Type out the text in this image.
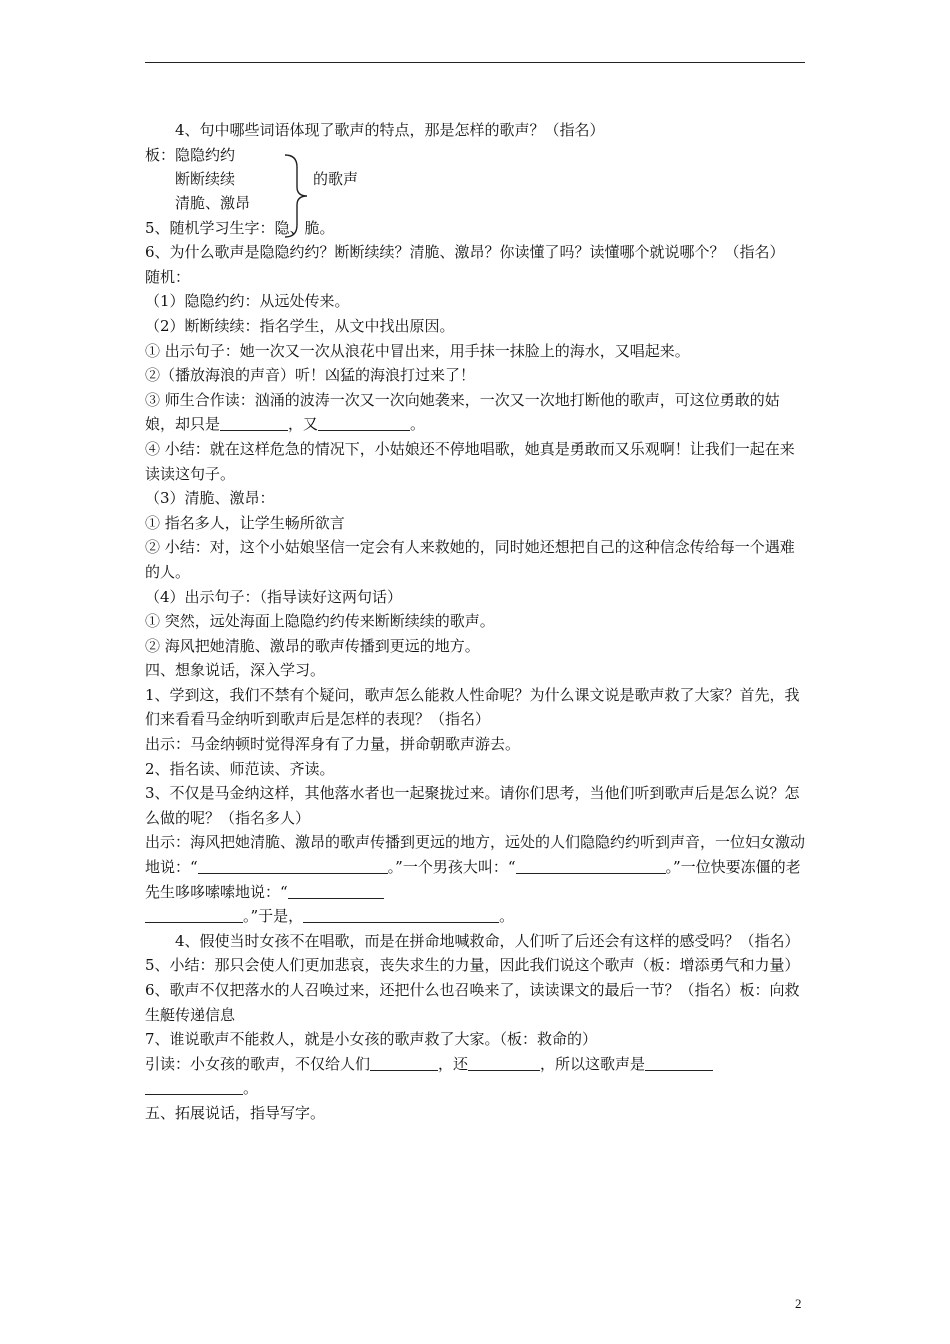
4、句中哪些词语体现了歌声的特点，那是怎样的歌声？（指名）

板： 隐隐约约
断断续续
清脆、激昂
的歌声

5、随机学习生字：隐、脆。

6、为什么歌声是隐隐约约？断断续续？清脆、激昂？你读懂了吗？读懂哪个就说哪个？（指名）

随机：

（1）隐隐约约：从远处传来。

（2）断断续续：指名学生，从文中找出原因。

① 出示句子：她一次又一次从浪花中冒出来，用手抹一抹脸上的海水，又唱起来。

②（播放海浪的声音）听！凶猛的海浪打过来了！

③ 师生合作读：汹涌的波涛一次又一次向她袭来，一次又一次地打断他的歌声，可这位勇敢的姑娘，却只是	，又	。

④ 小结：就在这样危急的情况下，小姑娘还不停地唱歌，她真是勇敢而又乐观啊！让我们一起在来读读这句子。

（3）清脆、激昂：

① 指名多人，让学生畅所欲言

② 小结：对，这个小姑娘坚信一定会有人来救她的，同时她还想把自己的这种信念传给每一个遇难的人。

（4）出示句子：（指导读好这两句话）

① 突然，远处海面上隐隐约约传来断断续续的歌声。

② 海风把她清脆、激昂的歌声传播到更远的地方。

四、想象说话，深入学习。

1、学到这，我们不禁有个疑问，歌声怎么能救人性命呢？为什么课文说是歌声救了大家？首先，我们来看看马金纳听到歌声后是怎样的表现？（指名）

出示：马金纳顿时觉得浑身有了力量，拼命朝歌声游去。

2、指名读、师范读、齐读。

3、不仅是马金纳这样，其他落水者也一起聚拢过来。请你们思考，当他们听到歌声后是怎么说？怎么做的呢？（指名多人）

出示：海风把她清脆、激昂的歌声传播到更远的地方，远处的人们隐隐约约听到声音，一位妇女激动地说：“	。”一个男孩大叫：“	。”一位快要冻僵的老先生哆哆嗦嗦地说：“
。”于是，	。

4、假使当时女孩不在唱歌，而是在拼命地喊救命，人们听了后还会有这样的感受吗？（指名）

5、小结：那只会使人们更加悲哀，丧失求生的力量，因此我们说这个歌声（板：增添勇气和力量）

6、歌声不仅把落水的人召唤过来，还把什么也召唤来了，读读课文的最后一节？（指名）板：向救生艇传递信息

7、谁说歌声不能救人，就是小女孩的歌声救了大家。（板：救命的）

引读：小女孩的歌声，不仅给人们	，还	，所以这歌声是
。

五、拓展说话，指导写字。

2
